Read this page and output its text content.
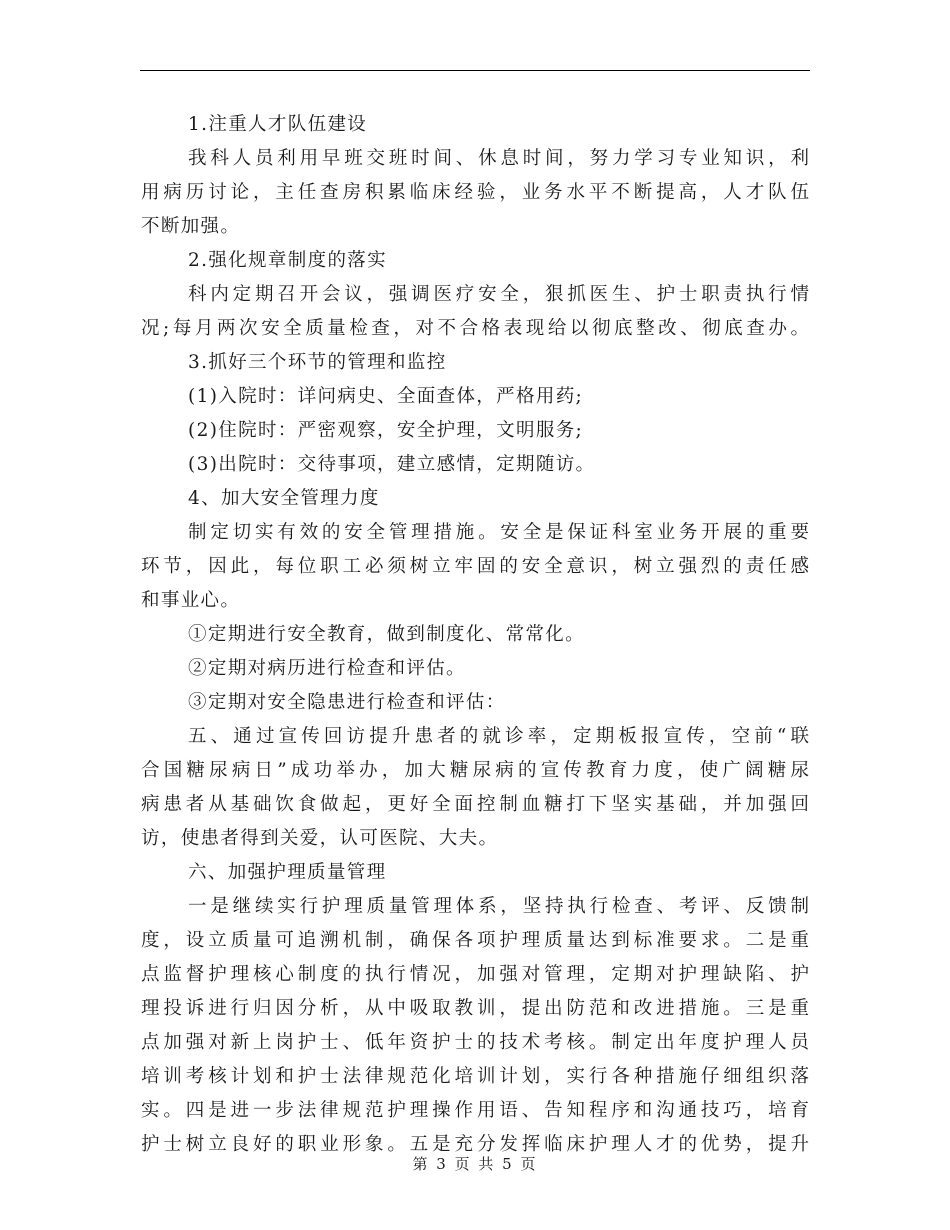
1.注重人才队伍建设
我科人员利用早班交班时间、休息时间，努力学习专业知识，利
用病历讨论，主任查房积累临床经验，业务水平不断提高，人才队伍
不断加强。
2.强化规章制度的落实
科内定期召开会议，强调医疗安全，狠抓医生、护士职责执行情
况;每月两次安全质量检查，对不合格表现给以彻底整改、彻底查办。
3.抓好三个环节的管理和监控
(1)入院时：详问病史、全面查体，严格用药;
(2)住院时：严密观察，安全护理，文明服务;
(3)出院时：交待事项，建立感情，定期随访。
4、加大安全管理力度
制定切实有效的安全管理措施。安全是保证科室业务开展的重要
环节，因此，每位职工必须树立牢固的安全意识，树立强烈的责任感
和事业心。
①定期进行安全教育，做到制度化、常常化。
②定期对病历进行检查和评估。
③定期对安全隐患进行检查和评估：
五、通过宣传回访提升患者的就诊率，定期板报宣传，空前“联
合国糖尿病日”成功举办，加大糖尿病的宣传教育力度，使广阔糖尿
病患者从基础饮食做起，更好全面控制血糖打下坚实基础，并加强回
访，使患者得到关爱，认可医院、大夫。
六、加强护理质量管理
一是继续实行护理质量管理体系，坚持执行检查、考评、反馈制
度，设立质量可追溯机制，确保各项护理质量达到标准要求。二是重
点监督护理核心制度的执行情况，加强对管理，定期对护理缺陷、护
理投诉进行归因分析，从中吸取教训，提出防范和改进措施。三是重
点加强对新上岗护士、低年资护士的技术考核。制定出年度护理人员
培训考核计划和护士法律规范化培训计划，实行各种措施仔细组织落
实。四是进一步法律规范护理操作用语、告知程序和沟通技巧，培育
护士树立良好的职业形象。五是充分发挥临床护理人才的优势，提升
第 3 页 共 5 页
